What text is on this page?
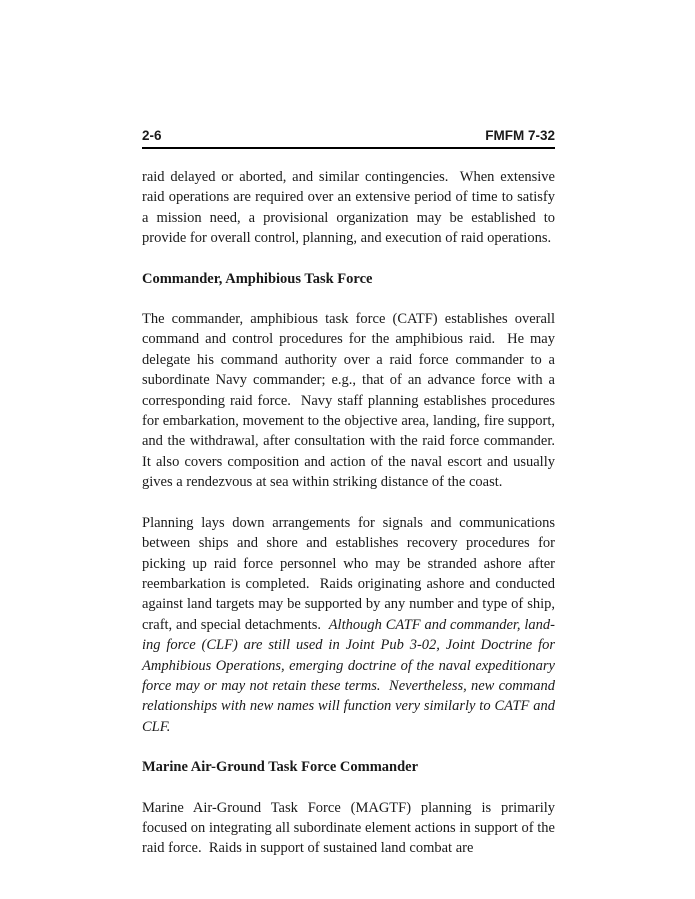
2-6	FMFM 7-32

raid delayed or aborted, and similar contingencies.  When extensive raid operations are required over an extensive period of time to satisfy a mission need, a provisional organization may be established to provide for overall control, planning, and execution of raid operations.

Commander, Amphibious Task Force

The commander, amphibious task force (CATF) establishes overall command and control procedures for the amphibious raid.  He may delegate his command authority over a raid force commander to a subordinate Navy commander; e.g., that of an advance force with a corresponding raid force.  Navy staff planning establishes procedures for embarkation, movement to the objective area, landing, fire support, and the withdrawal, after consultation with the raid force commander.  It also covers composition and action of the naval escort and usually gives a rendezvous at sea within striking distance of the coast.

Planning lays down arrangements for signals and communications between ships and shore and establishes recovery procedures for picking up raid force personnel who may be stranded ashore after reembarkation is completed.  Raids originating ashore and conducted against land targets may be supported by any number and type of ship, craft, and special detachments.  Although CATF and commander, land-ing force (CLF) are still used in Joint Pub 3-02, Joint Doctrine for Amphibious Operations, emerging doctrine of the naval expeditionary force may or may not retain these terms.  Nevertheless, new command relationships with new names will function very similarly to CATF and CLF.

Marine Air-Ground Task Force Commander

Marine Air-Ground Task Force (MAGTF) planning is primarily focused on integrating all subordinate element actions in support of the raid force.  Raids in support of sustained land combat are
